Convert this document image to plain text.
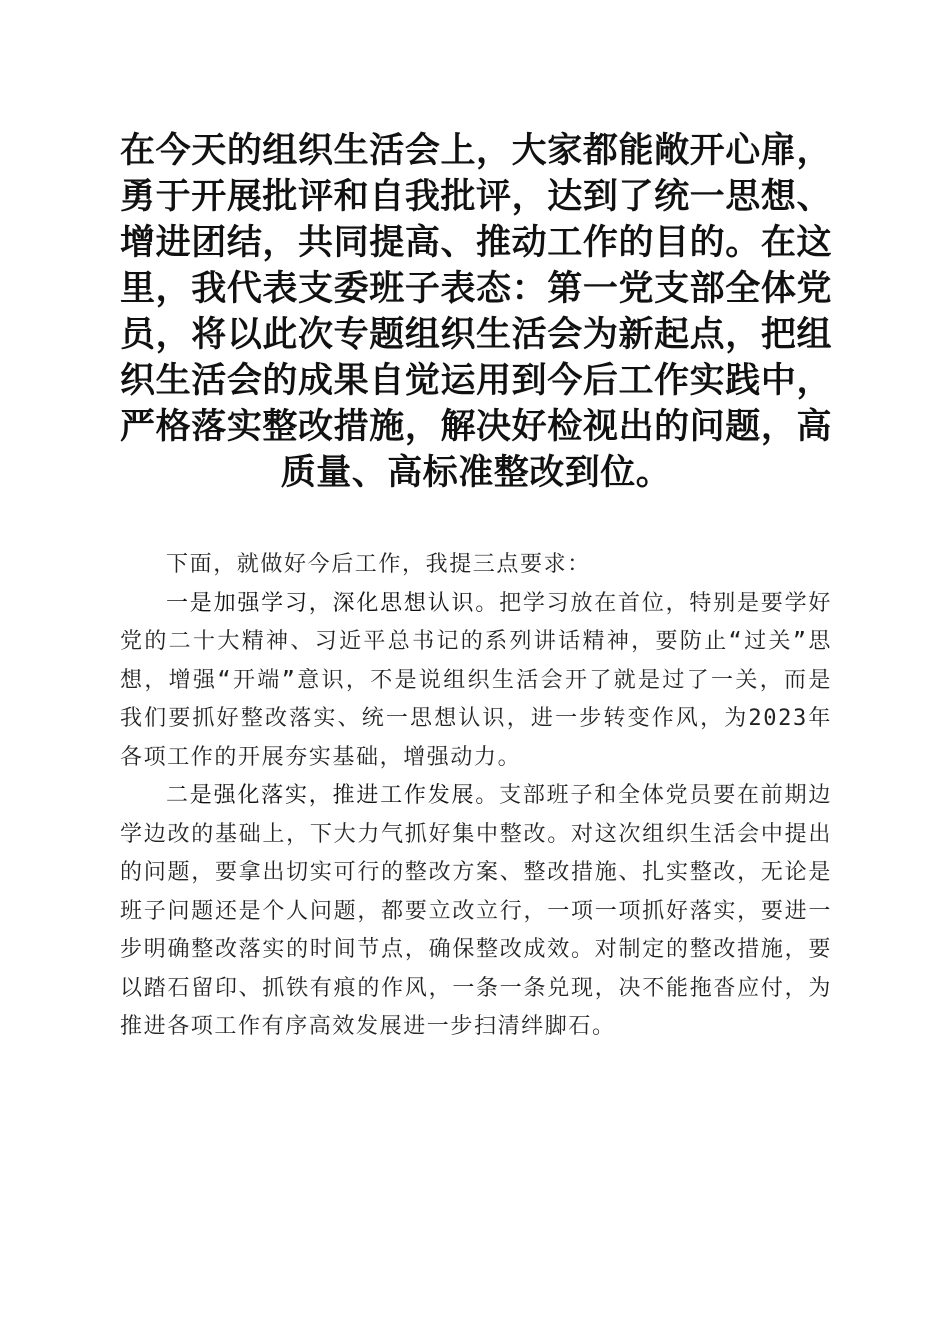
在今天的组织生活会上，大家都能敞开心扉，勇于开展批评和自我批评，达到了统一思想、增进团结，共同提高、推动工作的目的。在这里，我代表支委班子表态：第一党支部全体党员，将以此次专题组织生活会为新起点，把组织生活会的成果自觉运用到今后工作实践中，严格落实整改措施，解决好检视出的问题，高质量、高标准整改到位。

下面，就做好今后工作，我提三点要求：

一是加强学习，深化思想认识。把学习放在首位，特别是要学好党的二十大精神、习近平总书记的系列讲话精神，要防止“过关”思想，增强“开端”意识，不是说组织生活会开了就是过了一关，而是我们要抓好整改落实、统一思想认识，进一步转变作风，为2023年各项工作的开展夯实基础，增强动力。

二是强化落实，推进工作发展。支部班子和全体党员要在前期边学边改的基础上，下大力气抓好集中整改。对这次组织生活会中提出的问题，要拿出切实可行的整改方案、整改措施、扎实整改，无论是班子问题还是个人问题，都要立改立行，一项一项抓好落实，要进一步明确整改落实的时间节点，确保整改成效。对制定的整改措施，要以踏石留印、抓铁有痕的作风，一条一条兑现，决不能拖沓应付，为推进各项工作有序高效发展进一步扫清绊脚石。
